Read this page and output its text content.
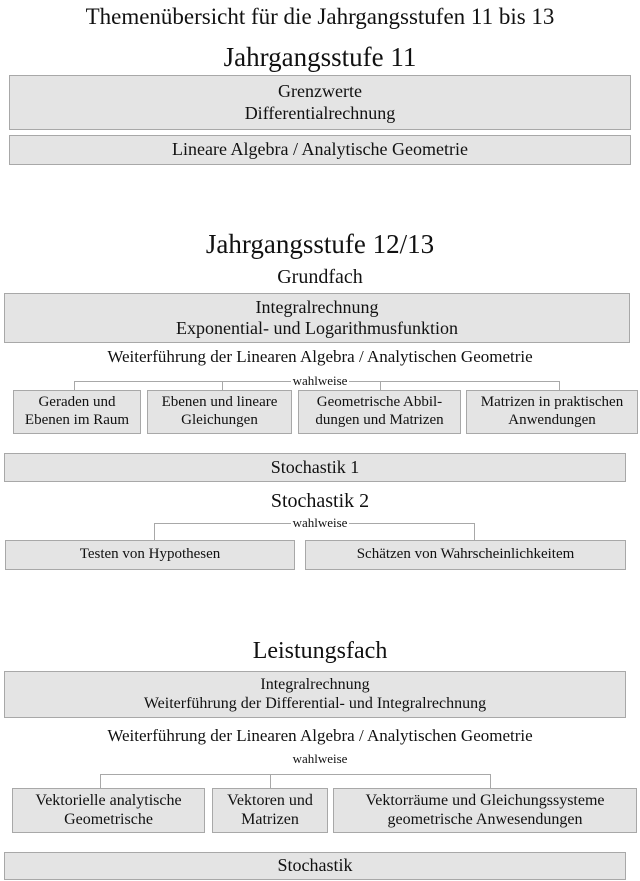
Themenübersicht für die Jahrgangsstufen 11 bis 13
Jahrgangsstufe 11
Grenzwerte
Differentialrechnung
Lineare Algebra / Analytische Geometrie
Jahrgangsstufe 12/13
Grundfach
Integralrechnung
Exponential- und Logarithmusfunktion
Weiterführung der Linearen Algebra / Analytischen Geometrie
wahlweise
Geraden und
Ebenen im Raum
Ebenen und lineare
Gleichungen
Geometrische Abbil-
dungen und Matrizen
Matrizen in praktischen
Anwendungen
Stochastik 1
Stochastik 2
wahlweise
Testen von Hypothesen	Schätzen von Wahrscheinlichkeitem
Leistungsfach
Integralrechnung
Weiterführung der Differential- und Integralrechnung
Weiterführung der Linearen Algebra / Analytischen Geometrie
wahlweise
Vektorielle analytische
Geometrische
Vektoren und
Matrizen
Vektorräume und Gleichungssysteme
geometrische Anwesendungen
Stochastik
